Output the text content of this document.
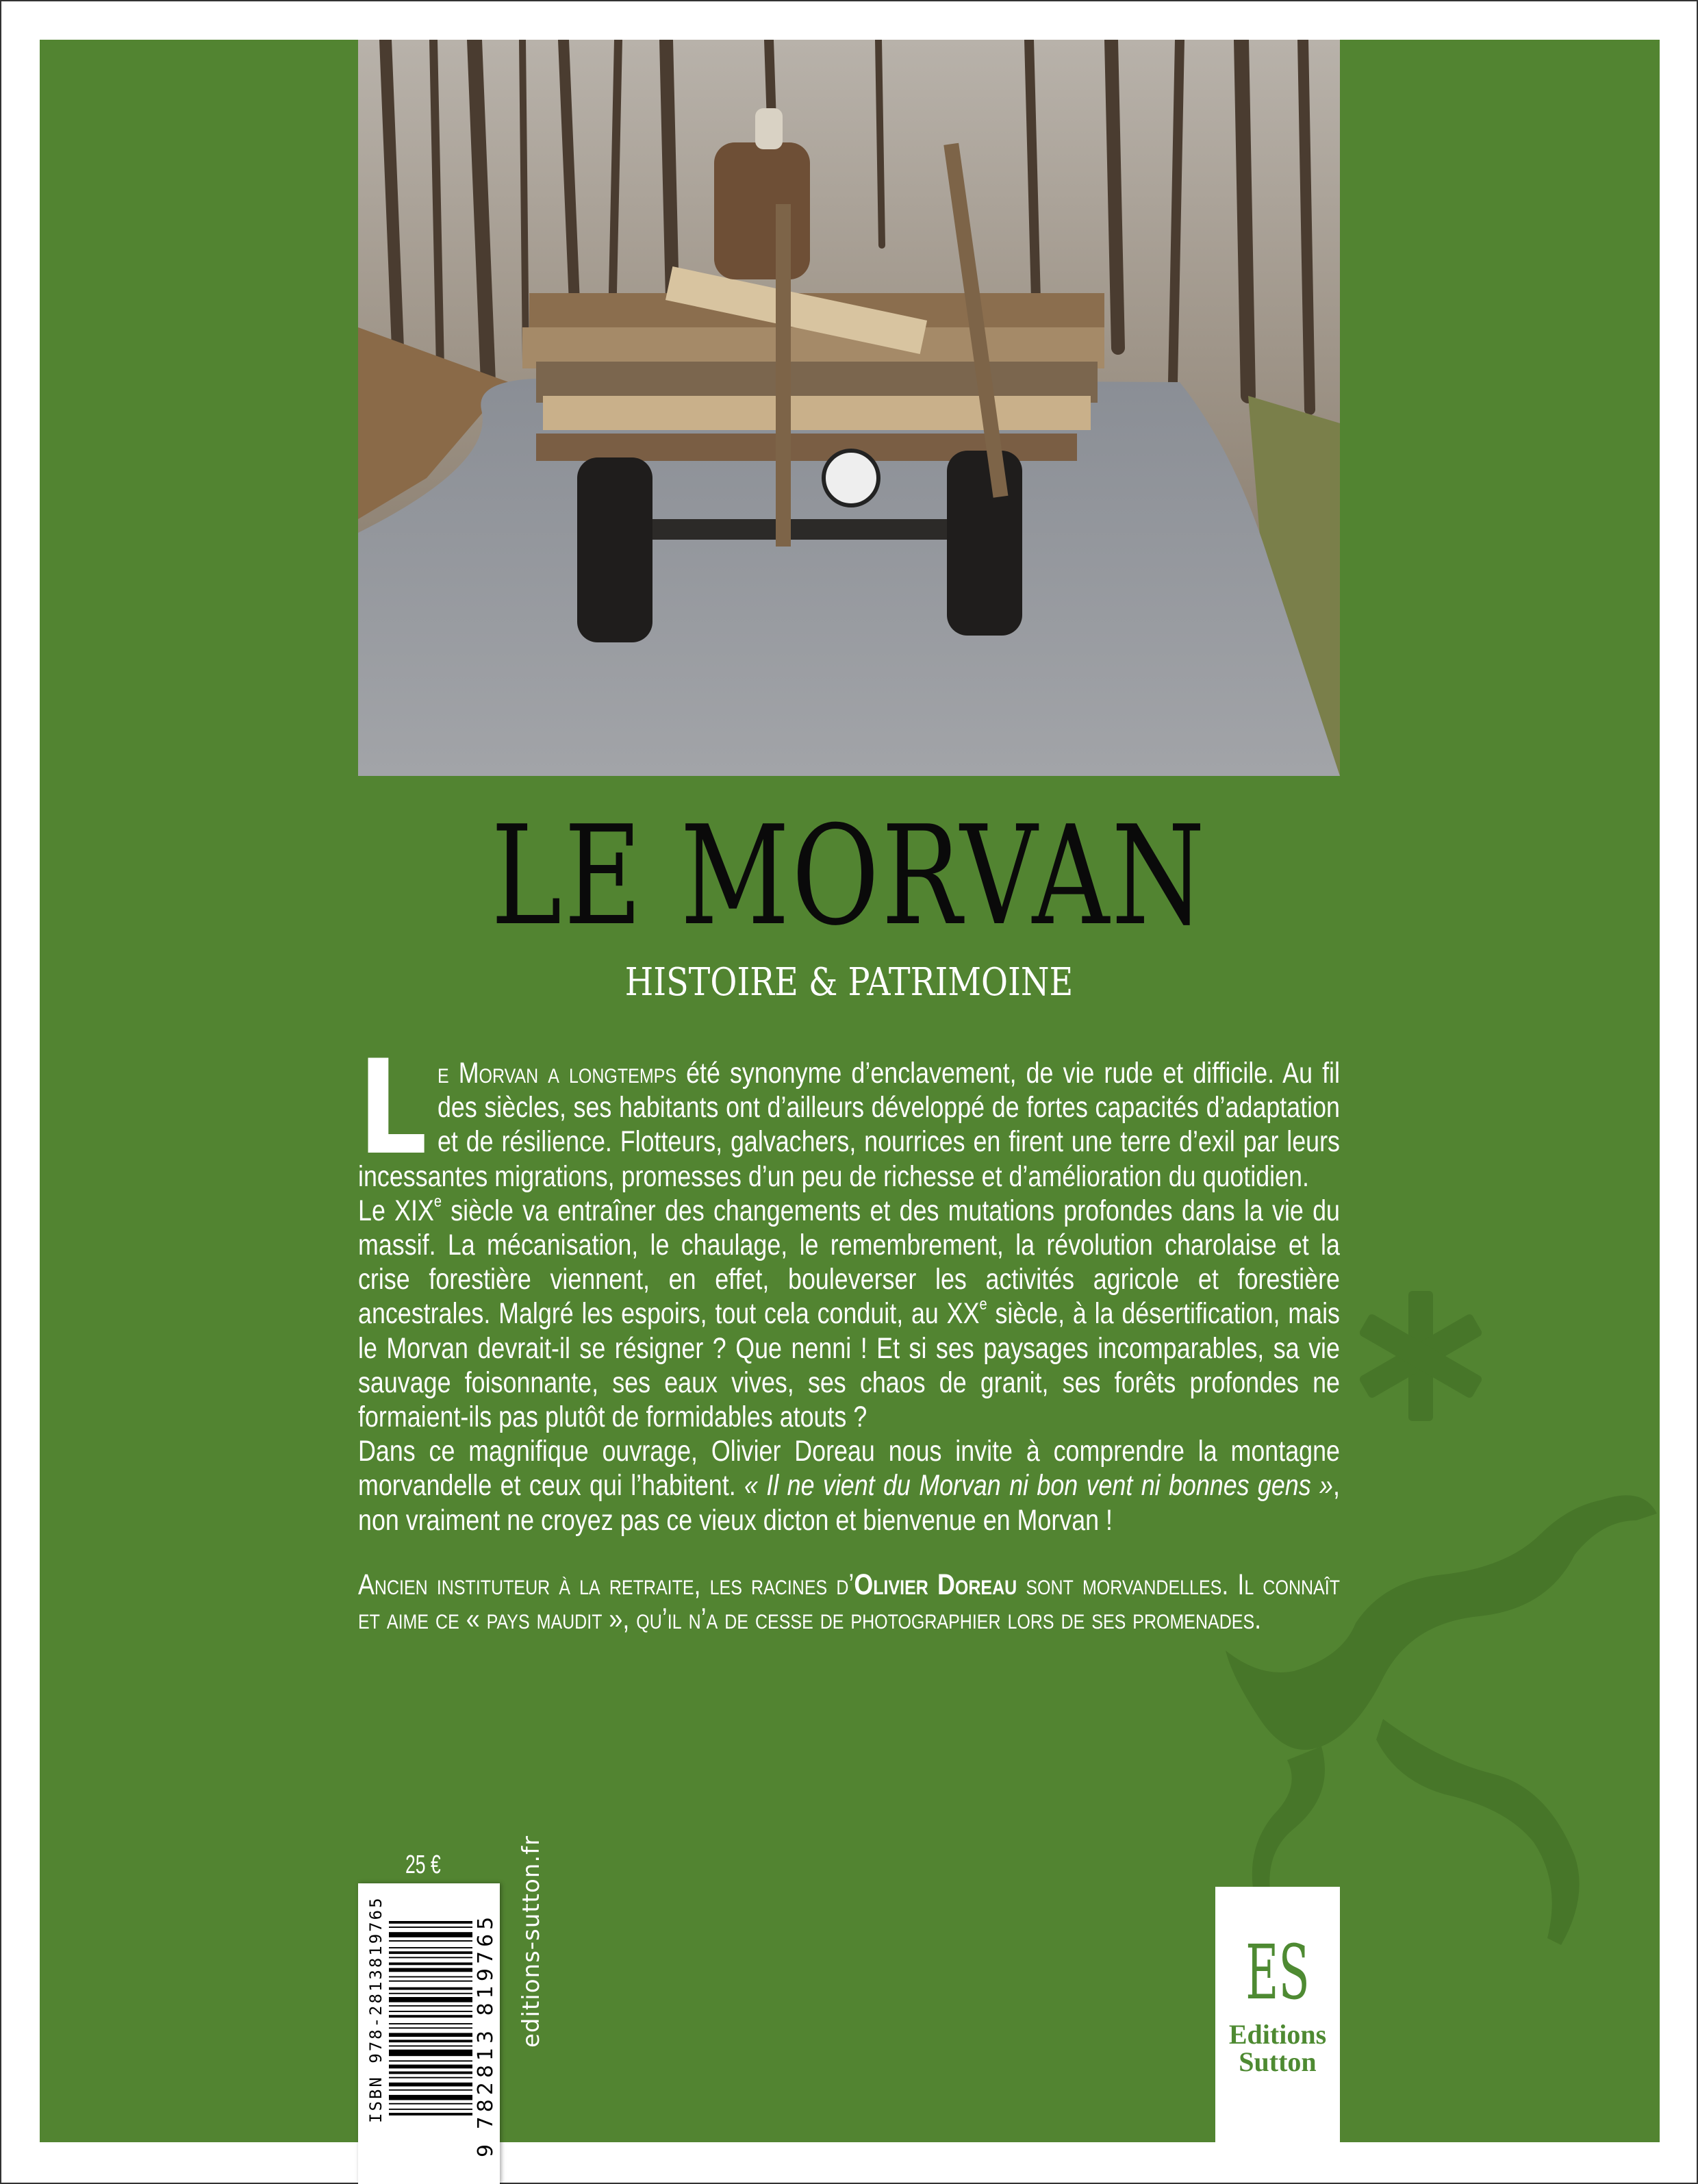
LE MORVAN
HISTOIRE & PATRIMOINE

Le Morvan a longtemps été synonyme d’enclavement, de vie rude et difficile. Au fil des siècles, ses habitants ont d’ailleurs développé de fortes capacités d’adaptation et de résilience. Flotteurs, galvachers, nourrices en firent une terre d’exil par leurs incessantes migrations, promesses d’un peu de richesse et d’amélioration du quotidien.

Le XIXe siècle va entraîner des changements et des mutations profondes dans la vie du massif. La mécanisation, le chaulage, le remembrement, la révolution charolaise et la crise forestière viennent, en effet, bouleverser les activités agricole et forestière ancestrales. Malgré les espoirs, tout cela conduit, au XXe siècle, à la désertification, mais le Morvan devrait-il se résigner ? Que nenni ! Et si ses paysages incomparables, sa vie sauvage foisonnante, ses eaux vives, ses chaos de granit, ses forêts profondes ne formaient-ils pas plutôt de formidables atouts ?

Dans ce magnifique ouvrage, Olivier Doreau nous invite à comprendre la montagne morvandelle et ceux qui l’habitent. « Il ne vient du Morvan ni bon vent ni bonnes gens », non vraiment ne croyez pas ce vieux dicton et bienvenue en Morvan !

Ancien instituteur à la retraite, les racines d’Olivier Doreau sont morvandelles. Il connaît et aime ce « pays maudit », qu’il n’a de cesse de photographier lors de ses promenades.
25 €
ISBN 978-2813819765	9 782813 819765 editions-sutton.fr	ES
Editions
Sutton
